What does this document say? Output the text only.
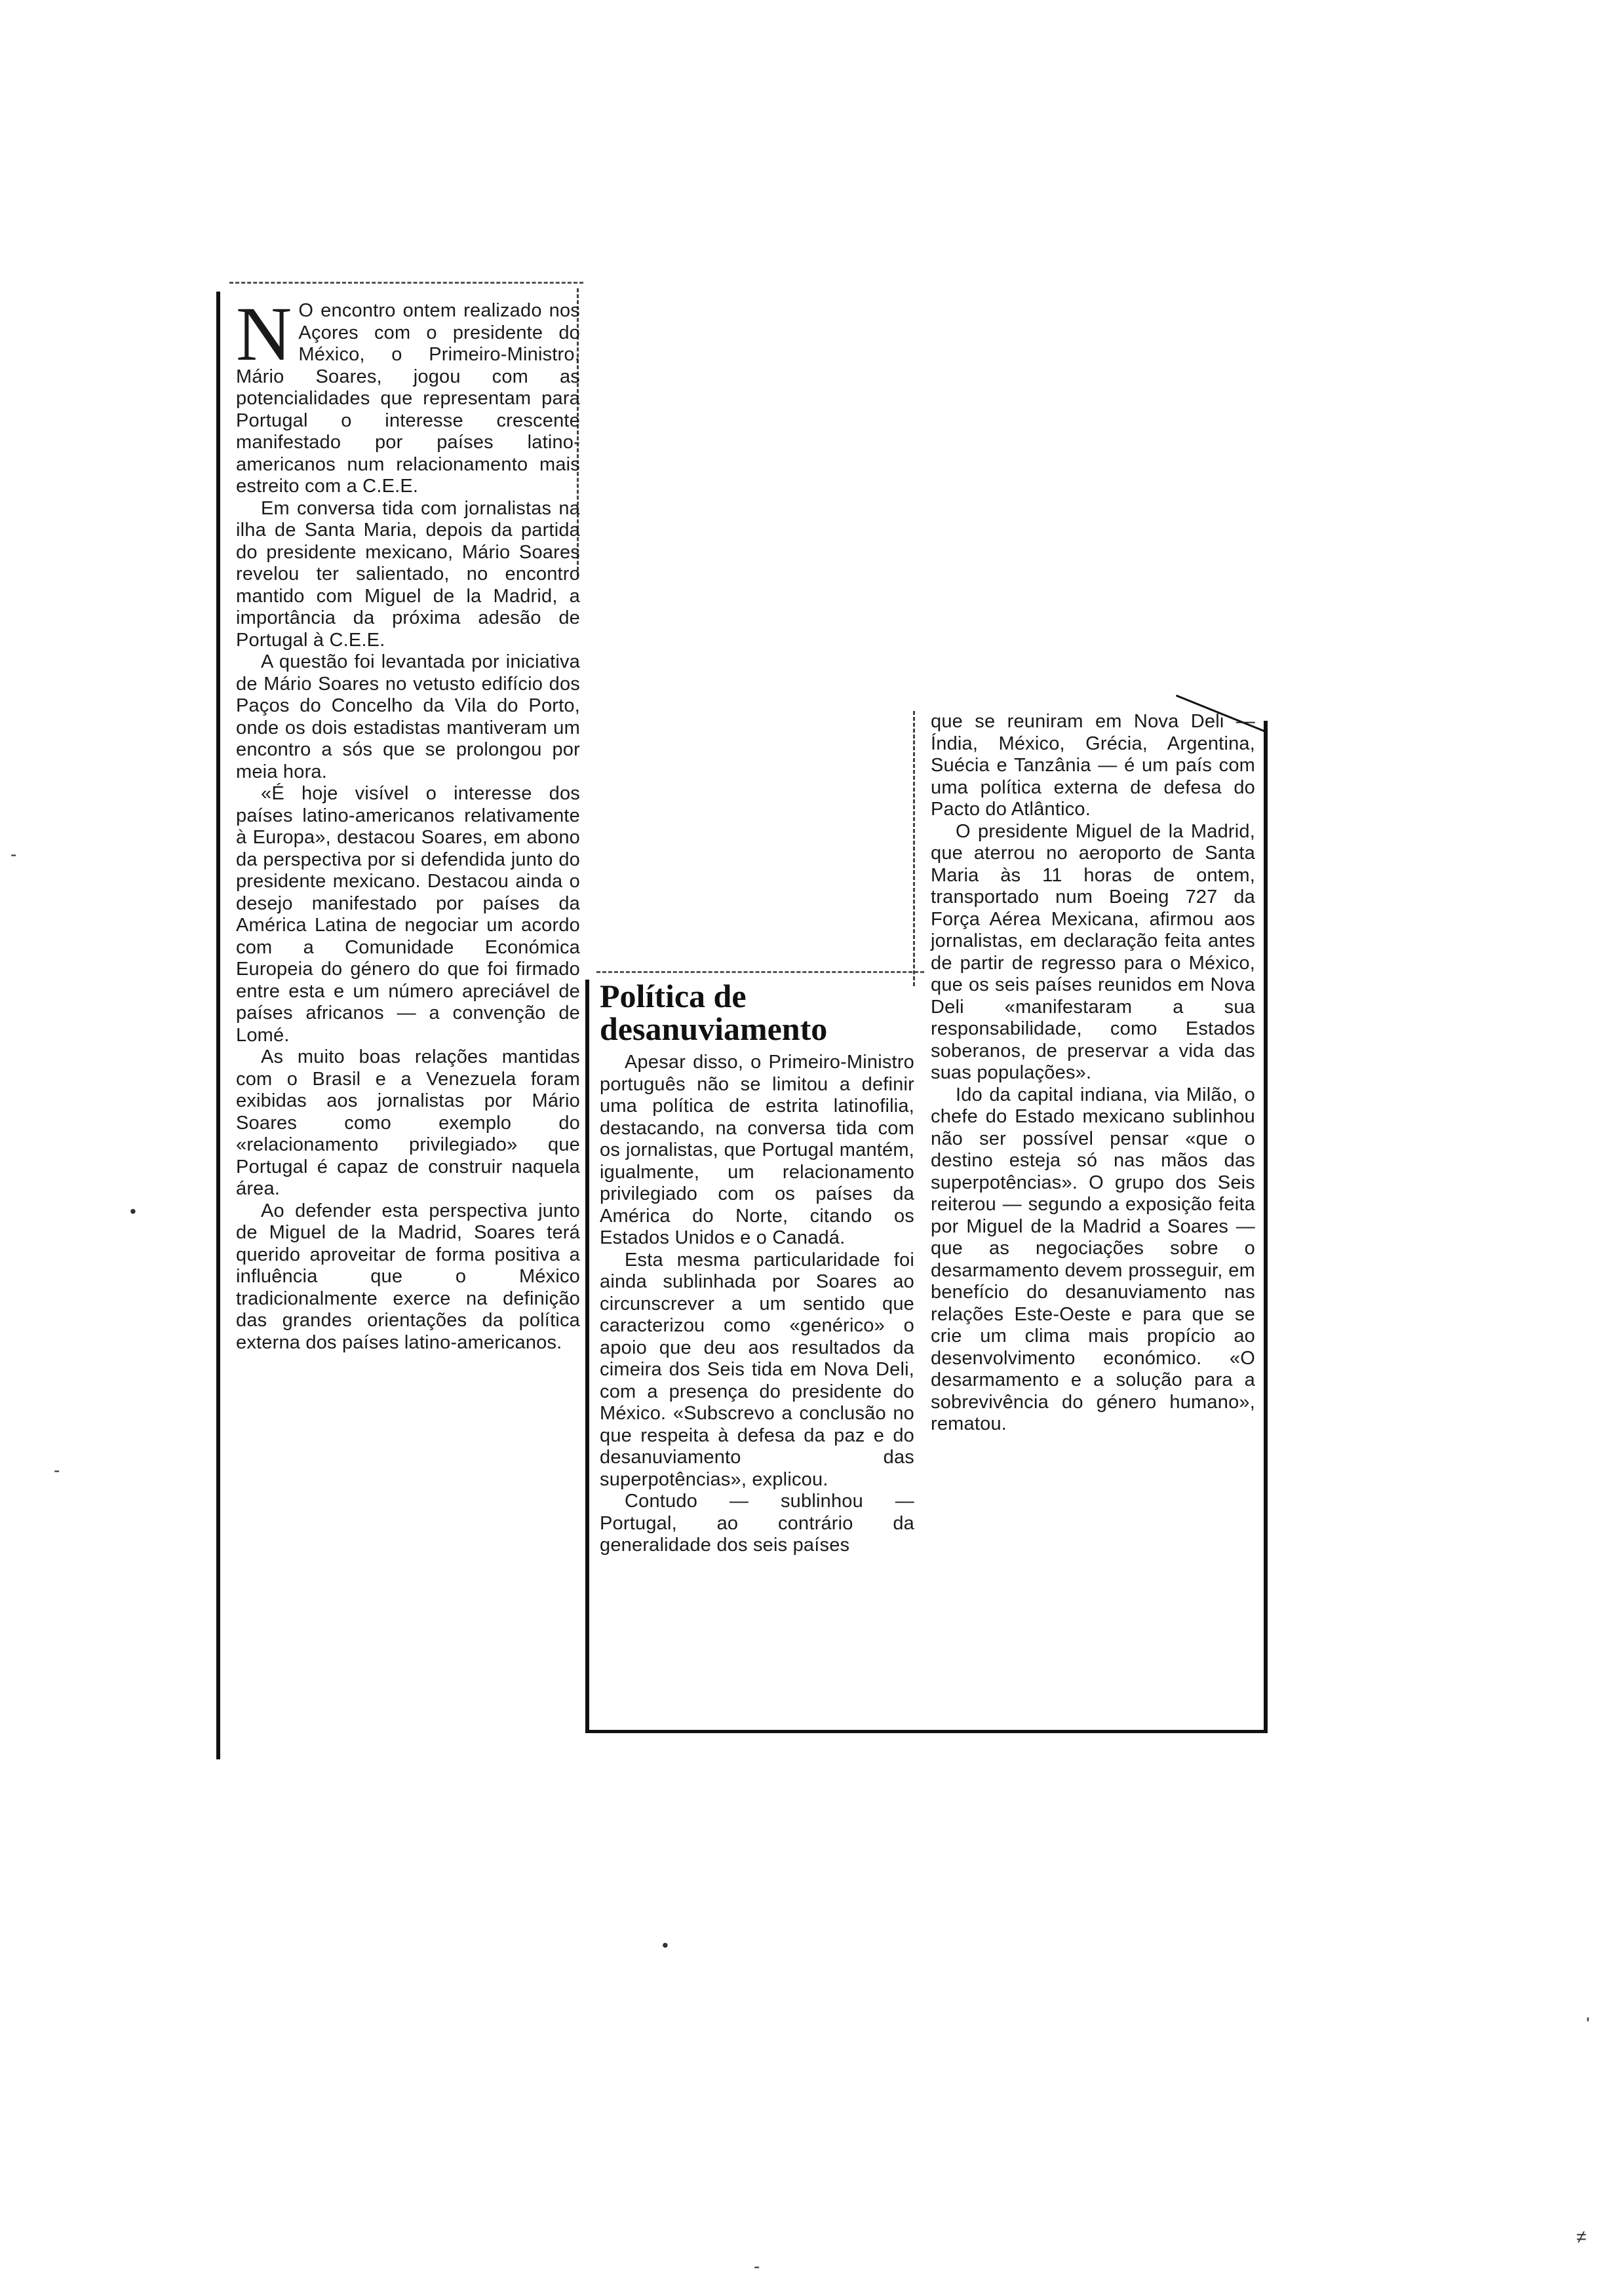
N O encontro ontem realizado nos Açores com o presidente do México, o Primeiro-Ministro, Mário Soares, jogou com as potencialidades que representam para Portugal o interesse crescente manifestado por países latino-americanos num relacionamento mais estreito com a C.E.E.

Em conversa tida com jornalistas na ilha de Santa Maria, depois da partida do presidente mexicano, Mário Soares revelou ter salientado, no encontro mantido com Miguel de la Madrid, a importância da próxima adesão de Portugal à C.E.E.

A questão foi levantada por iniciativa de Mário Soares no vetusto edifício dos Paços do Concelho da Vila do Porto, onde os dois estadistas mantiveram um encontro a sós que se prolongou por meia hora.

«É hoje visível o interesse dos países latino-americanos relativamente à Europa», destacou Soares, em abono da perspectiva por si defendida junto do presidente mexicano. Destacou ainda o desejo manifestado por países da América Latina de negociar um acordo com a Comunidade Económica Europeia do género do que foi firmado entre esta e um número apreciável de países africanos — a convenção de Lomé.

As muito boas relações mantidas com o Brasil e a Venezuela foram exibidas aos jornalistas por Mário Soares como exemplo do «relacionamento privilegiado» que Portugal é capaz de construir naquela área.

Ao defender esta perspectiva junto de Miguel de la Madrid, Soares terá querido aproveitar de forma positiva a influência que o México tradicionalmente exerce na definição das grandes orientações da política externa dos países latino-americanos.

Política de desanuviamento

Apesar disso, o Primeiro-Ministro português não se limitou a definir uma política de estrita latinofilia, destacando, na conversa tida com os jornalistas, que Portugal mantém, igualmente, um relacionamento privilegiado com os países da América do Norte, citando os Estados Unidos e o Canadá.

Esta mesma particularidade foi ainda sublinhada por Soares ao circunscrever a um sentido que caracterizou como «genérico» o apoio que deu aos resultados da cimeira dos Seis tida em Nova Deli, com a presença do presidente do México. «Subscrevo a conclusão no que respeita à defesa da paz e do desanuviamento das superpotências», explicou.

Contudo — sublinhou — Portugal, ao contrário da generalidade dos seis países

que se reuniram em Nova Deli — Índia, México, Grécia, Argentina, Suécia e Tanzânia — é um país com uma política externa de defesa do Pacto do Atlântico.

O presidente Miguel de la Madrid, que aterrou no aeroporto de Santa Maria às 11 horas de ontem, transportado num Boeing 727 da Força Aérea Mexicana, afirmou aos jornalistas, em declaração feita antes de partir de regresso para o México, que os seis países reunidos em Nova Deli «manifestaram a sua responsabilidade, como Estados soberanos, de preservar a vida das suas populações».

Ido da capital indiana, via Milão, o chefe do Estado mexicano sublinhou não ser possível pensar «que o destino esteja só nas mãos das superpotências». O grupo dos Seis reiterou — segundo a exposição feita por Miguel de la Madrid a Soares — que as negociações sobre o desarmamento devem prosseguir, em benefício do desanuviamento nas relações Este-Oeste e para que se crie um clima mais propício ao desenvolvimento económico. «O desarmamento e a solução para a sobrevivência do género humano», rematou.

-
•
-
•
-
'
≠
